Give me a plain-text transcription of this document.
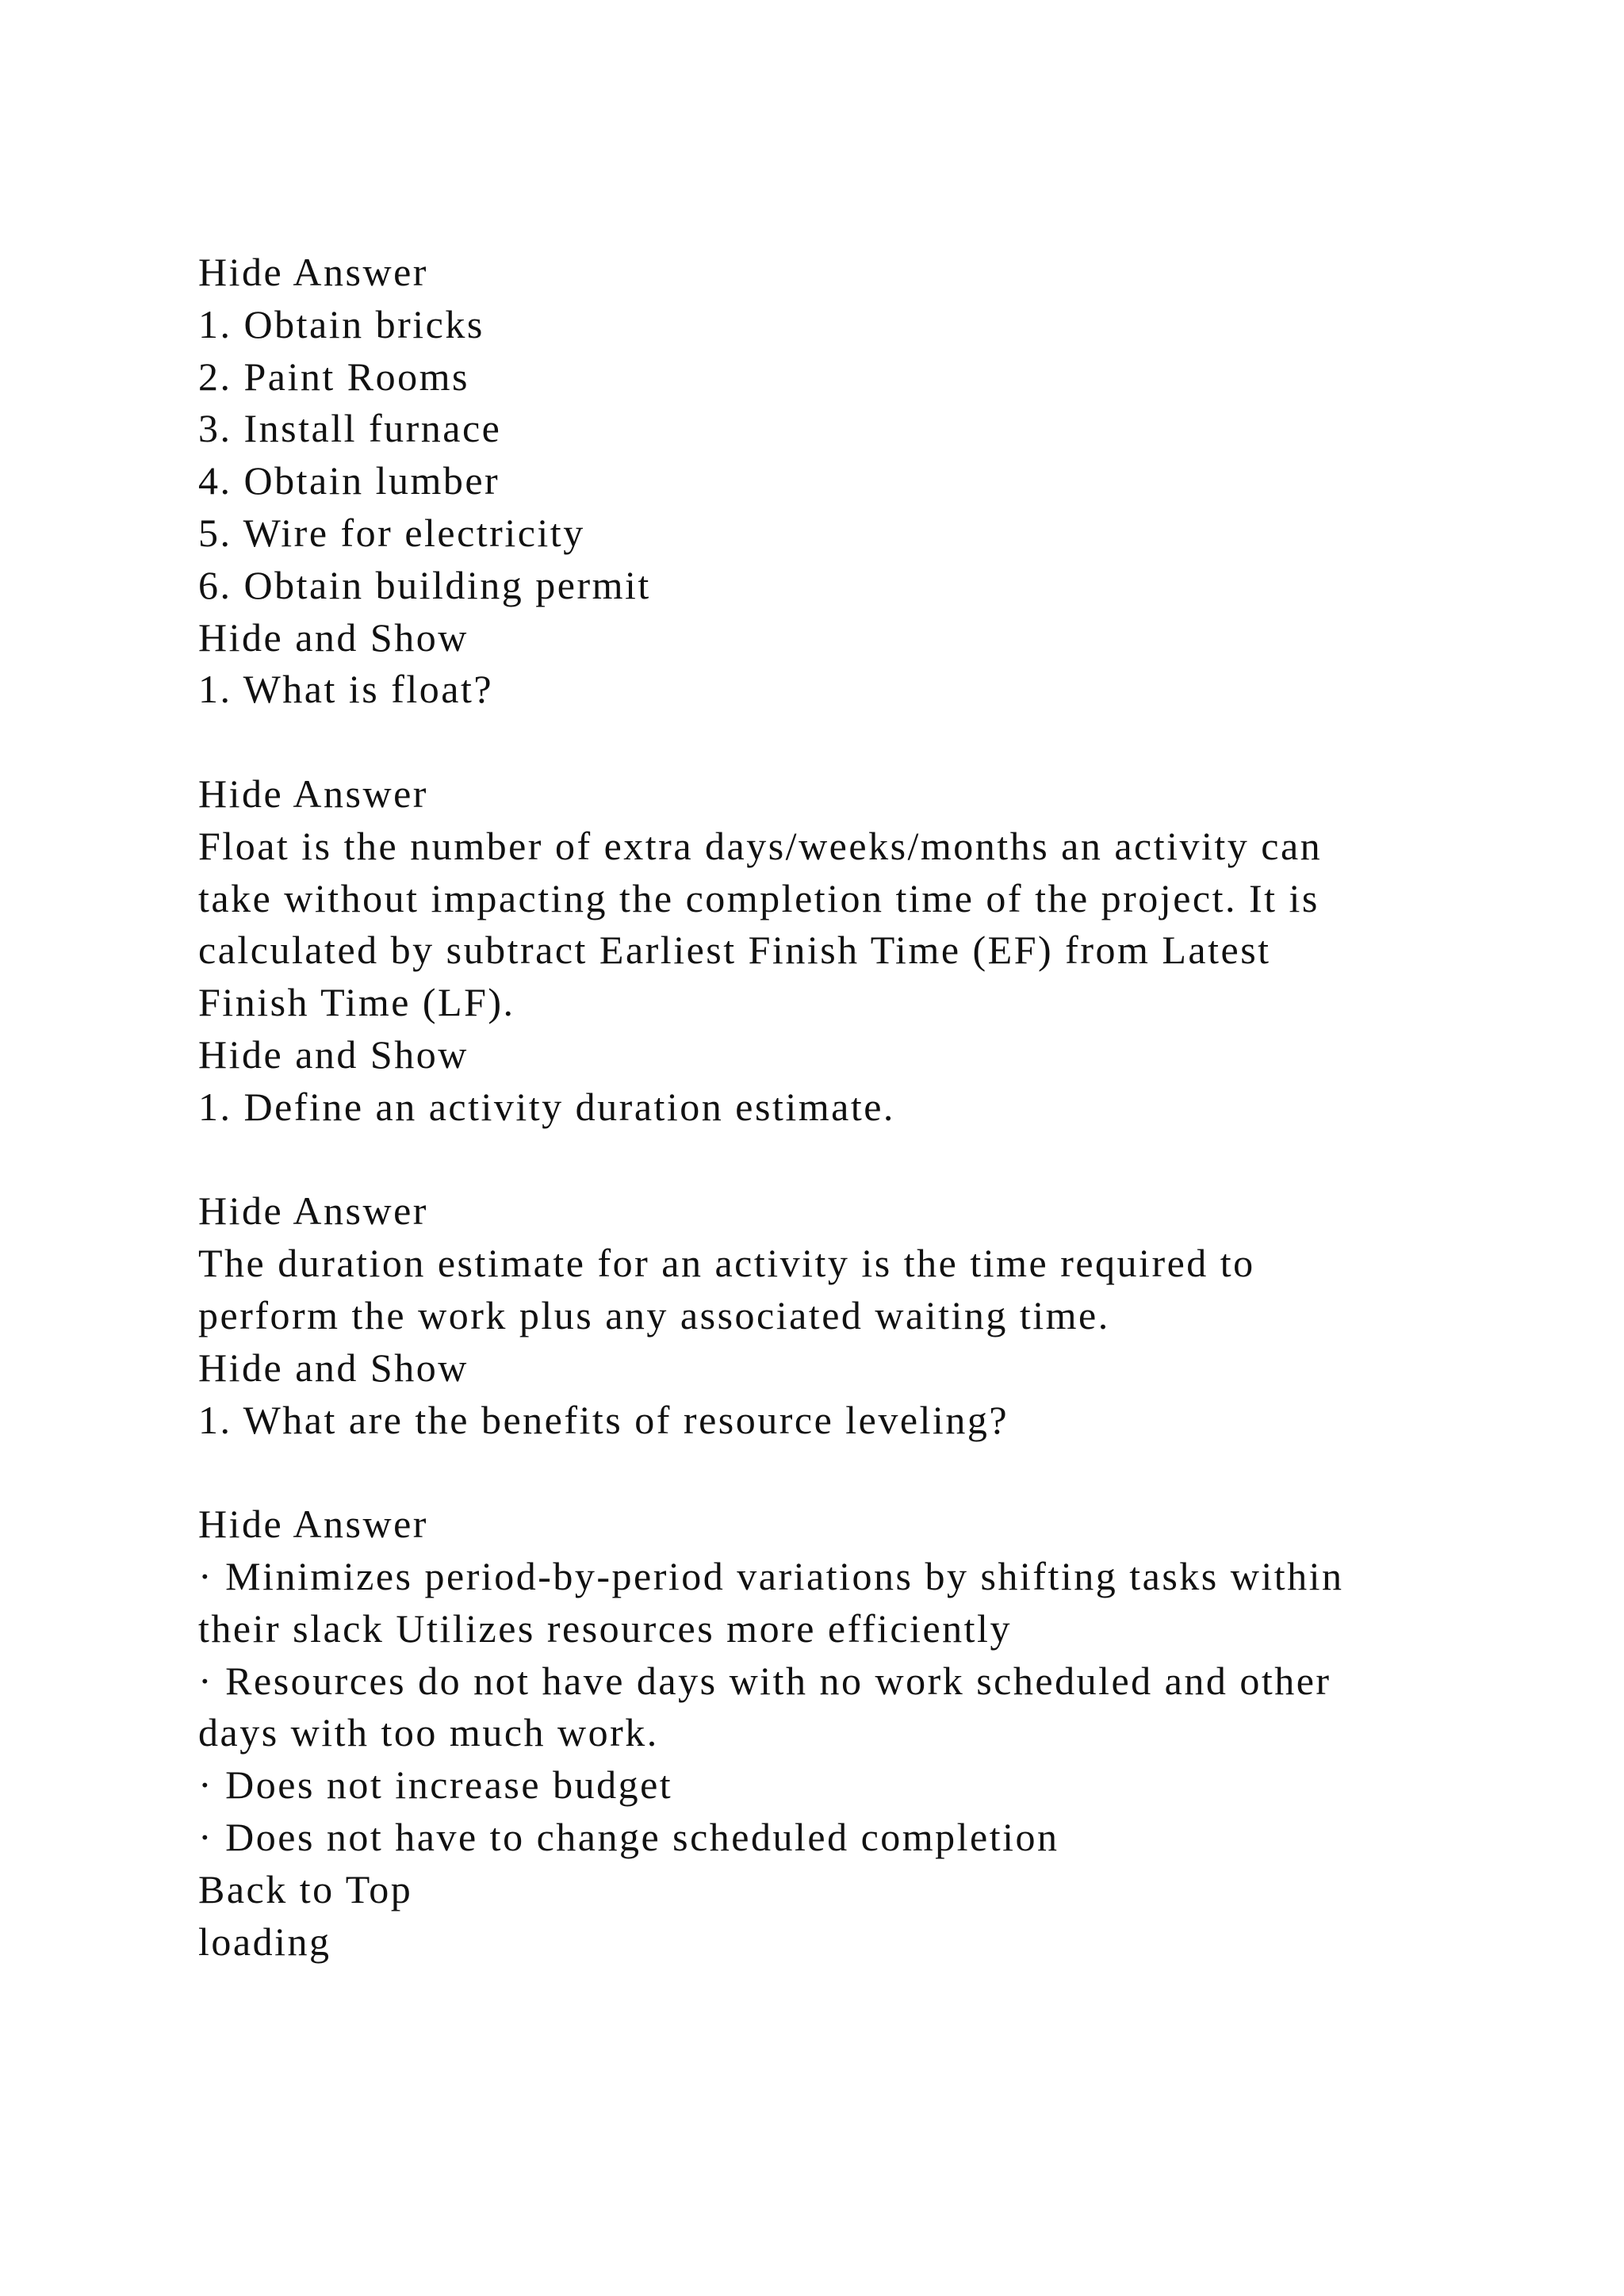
Hide Answer
1. Obtain bricks
2. Paint Rooms
3. Install furnace
4. Obtain lumber
5. Wire for electricity
6. Obtain building permit
Hide and Show
1. What is float?
Hide Answer
Float is the number of extra days/weeks/months an activity can
take without impacting the completion time of the project. It is
calculated by subtract Earliest Finish Time (EF) from Latest
Finish Time (LF).
Hide and Show
1. Define an activity duration estimate.
Hide Answer
The duration estimate for an activity is the time required to
perform the work plus any associated waiting time.
Hide and Show
1. What are the benefits of resource leveling?
Hide Answer
· Minimizes period-by-period variations by shifting tasks within
their slack Utilizes resources more efficiently
· Resources do not have days with no work scheduled and other
days with too much work.
· Does not increase budget
· Does not have to change scheduled completion
Back to Top
loading
